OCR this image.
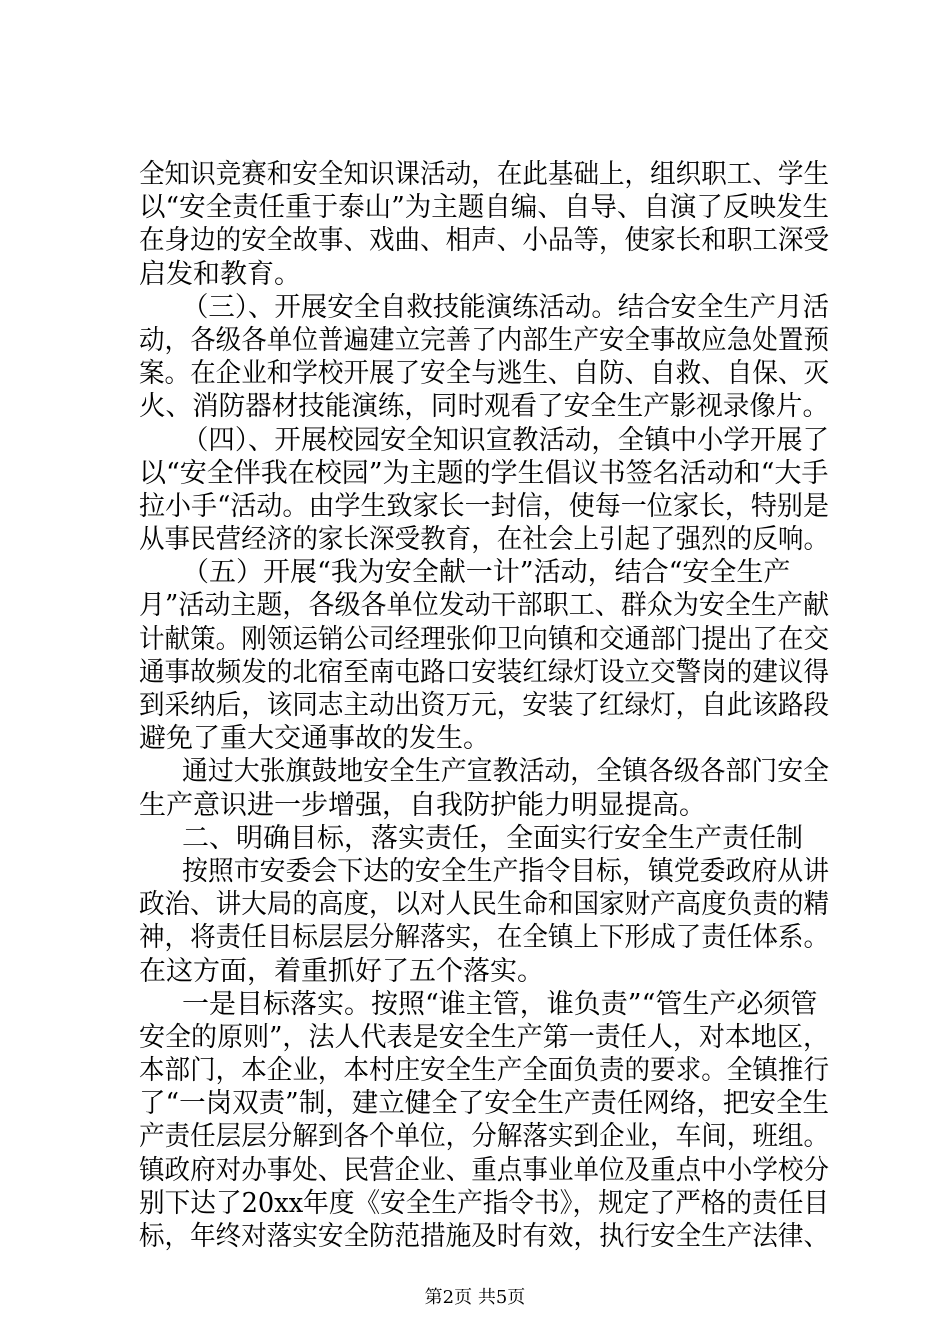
全知识竞赛和安全知识课活动，在此基础上，组织职工、学生
以“安全责任重于泰山”为主题自编、自导、自演了反映发生
在身边的安全故事、戏曲、相声、小品等，使家长和职工深受
启发和教育。
（三）、开展安全自救技能演练活动。结合安全生产月活
动，各级各单位普遍建立完善了内部生产安全事故应急处置预
案。在企业和学校开展了安全与逃生、自防、自救、自保、灭
火、消防器材技能演练，同时观看了安全生产影视录像片。
（四）、开展校园安全知识宣教活动，全镇中小学开展了
以“安全伴我在校园”为主题的学生倡议书签名活动和“大手
拉小手“活动。由学生致家长一封信，使每一位家长，特别是
从事民营经济的家长深受教育，在社会上引起了强烈的反响。
（五）开展“我为安全献一计”活动，结合“安全生产
月”活动主题，各级各单位发动干部职工、群众为安全生产献
计献策。刚领运销公司经理张仰卫向镇和交通部门提出了在交
通事故频发的北宿至南屯路口安装红绿灯设立交警岗的建议得
到采纳后，该同志主动出资万元，安装了红绿灯，自此该路段
避免了重大交通事故的发生。
通过大张旗鼓地安全生产宣教活动，全镇各级各部门安全
生产意识进一步增强，自我防护能力明显提高。
二、明确目标，落实责任，全面实行安全生产责任制
按照市安委会下达的安全生产指令目标，镇党委政府从讲
政治、讲大局的高度，以对人民生命和国家财产高度负责的精
神，将责任目标层层分解落实，在全镇上下形成了责任体系。
在这方面，着重抓好了五个落实。
一是目标落实。按照“谁主管，谁负责”“管生产必须管
安全的原则”，法人代表是安全生产第一责任人，对本地区，
本部门，本企业，本村庄安全生产全面负责的要求。全镇推行
了“一岗双责”制，建立健全了安全生产责任网络，把安全生
产责任层层分解到各个单位，分解落实到企业，车间，班组。
镇政府对办事处、民营企业、重点事业单位及重点中小学校分
别下达了20xx年度《安全生产指令书》，规定了严格的责任目
标，年终对落实安全防范措施及时有效，执行安全生产法律、
第2页 共5页
